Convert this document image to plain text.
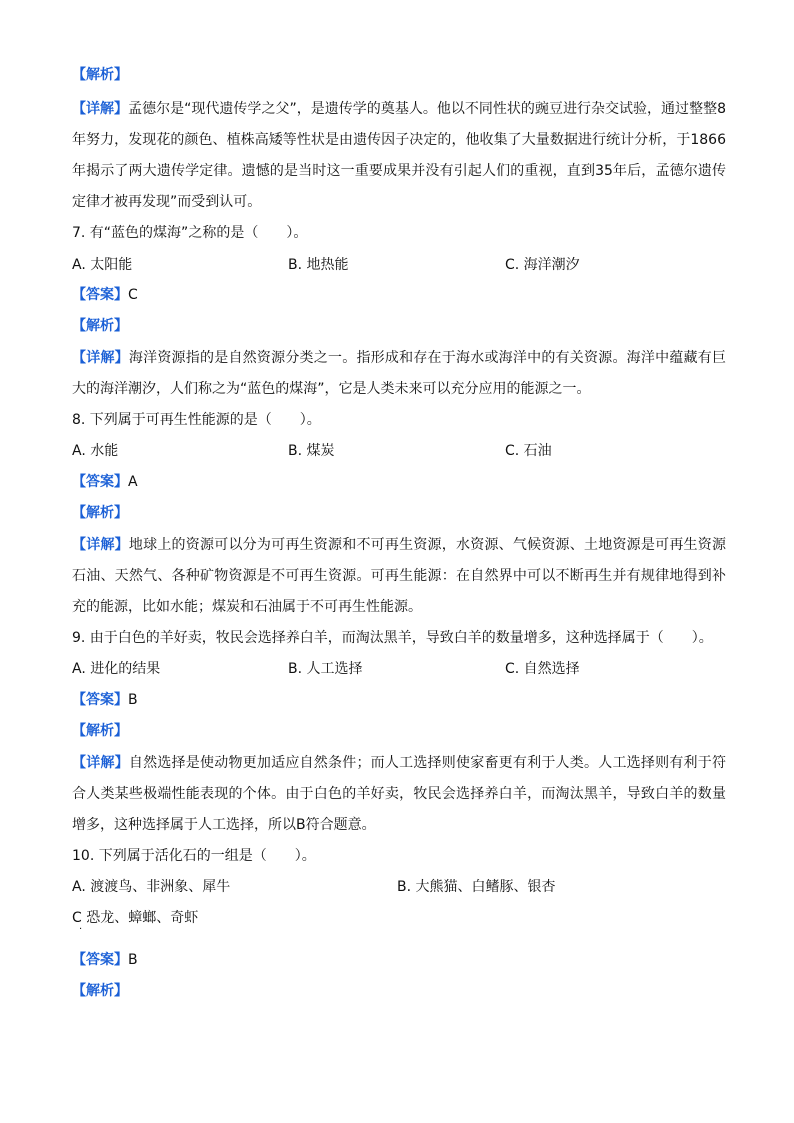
【解析】
【详解】孟德尔是“现代遗传学之父”，是遗传学的奠基人。他以不同性状的豌豆进行杂交试验，通过整整8年努力，发现花的颜色、植株高矮等性状是由遗传因子决定的，他收集了大量数据进行统计分析，于1866年揭示了两大遗传学定律。遗憾的是当时这一重要成果并没有引起人们的重视，直到35年后，孟德尔遗传定律才被再发现”而受到认可。
7. 有“蓝色的煤海”之称的是（　　）。
A. 太阳能	B. 地热能	C. 海洋潮汐
【答案】C
【解析】
【详解】海洋资源指的是自然资源分类之一。指形成和存在于海水或海洋中的有关资源。海洋中蕴藏有巨大的海洋潮汐，人们称之为“蓝色的煤海”，它是人类未来可以充分应用的能源之一。
8. 下列属于可再生性能源的是（　　）。
A. 水能	B. 煤炭	C. 石油
【答案】A
【解析】
【详解】地球上的资源可以分为可再生资源和不可再生资源，水资源、气候资源、土地资源是可再生资源石油、天然气、各种矿物资源是不可再生资源。可再生能源：在自然界中可以不断再生并有规律地得到补充的能源，比如水能；煤炭和石油属于不可再生性能源。
9. 由于白色的羊好卖，牧民会选择养白羊，而淘汰黑羊，导致白羊的数量增多，这种选择属于（　　）。
A. 进化的结果	B. 人工选择	C. 自然选择
【答案】B
【解析】
【详解】自然选择是使动物更加适应自然条件；而人工选择则使家畜更有利于人类。人工选择则有利于符合人类某些极端性能表现的个体。由于白色的羊好卖，牧民会选择养白羊，而淘汰黑羊，导致白羊的数量增多，这种选择属于人工选择，所以B符合题意。
10. 下列属于活化石的一组是（　　）。
A. 渡渡鸟、非洲象、犀牛	B. 大熊猫、白鳍豚、银杏
C 恐龙、蟑螂、奇虾
·
【答案】B
【解析】
